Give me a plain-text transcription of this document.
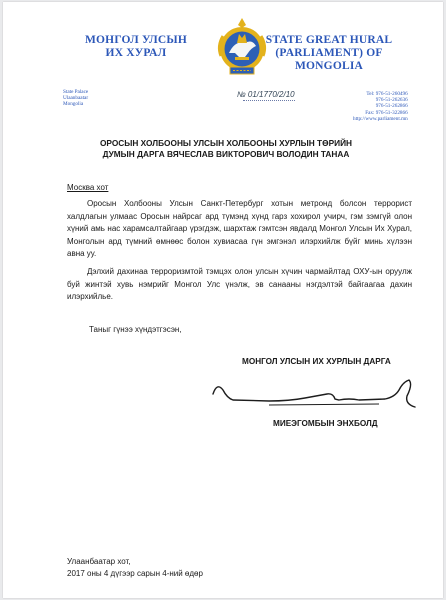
МОНГОЛ УЛСЫН
ИХ ХУРАЛ
STATE GREAT HURAL
(PARLIAMENT) OF
MONGOLIA
State Palace
Ulaanbaatar
Mongolia
№ 01/1770/2/10	Tel: 976-51-260496
976-51-262636
976-51-262866
Fax: 976-51-322866
http://www.parliament.mn
ОРОСЫН ХОЛБООНЫ УЛСЫН ХОЛБООНЫ ХУРЛЫН ТӨРИЙН
ДУМЫН ДАРГА ВЯЧЕСЛАВ ВИКТОРОВИЧ ВОЛОДИН ТАНАА
Москва хот

Оросын Холбооны Улсын Санкт-Петербург хотын метронд болсон террорист халдлагын улмаас Оросын найрсаг ард түмэнд хүнд гарз хохирол учирч, гэм зэмгүй олон хүний амь нас харамсалтайгаар үрэгдэж, шархтаж гэмтсэн явдалд Монгол Улсын Их Хурал, Монголын ард түмний өмнөөс болон хувиасаа гүн эмгэнэл илэрхийлж бүйг минь хүлээн авна уу.

Дэлхий дахинаа терроризмтой тэмцэх олон улсын хүчин чармайлтад ОХУ-ын оруулж буй жинтэй хувь нэмрийг Монгол Улс үнэлж, эв санааны нэгдэлтэй байгаагаа дахин илэрхийлье.

Таныг гүнээ хүндэтгэсэн,
МОНГОЛ УЛСЫН ИХ ХУРЛЫН ДАРГА
МИЕЭГОМБЫН ЭНХБОЛД
Улаанбаатар хот,
2017 оны 4 дүгээр сарын 4-ний өдөр
